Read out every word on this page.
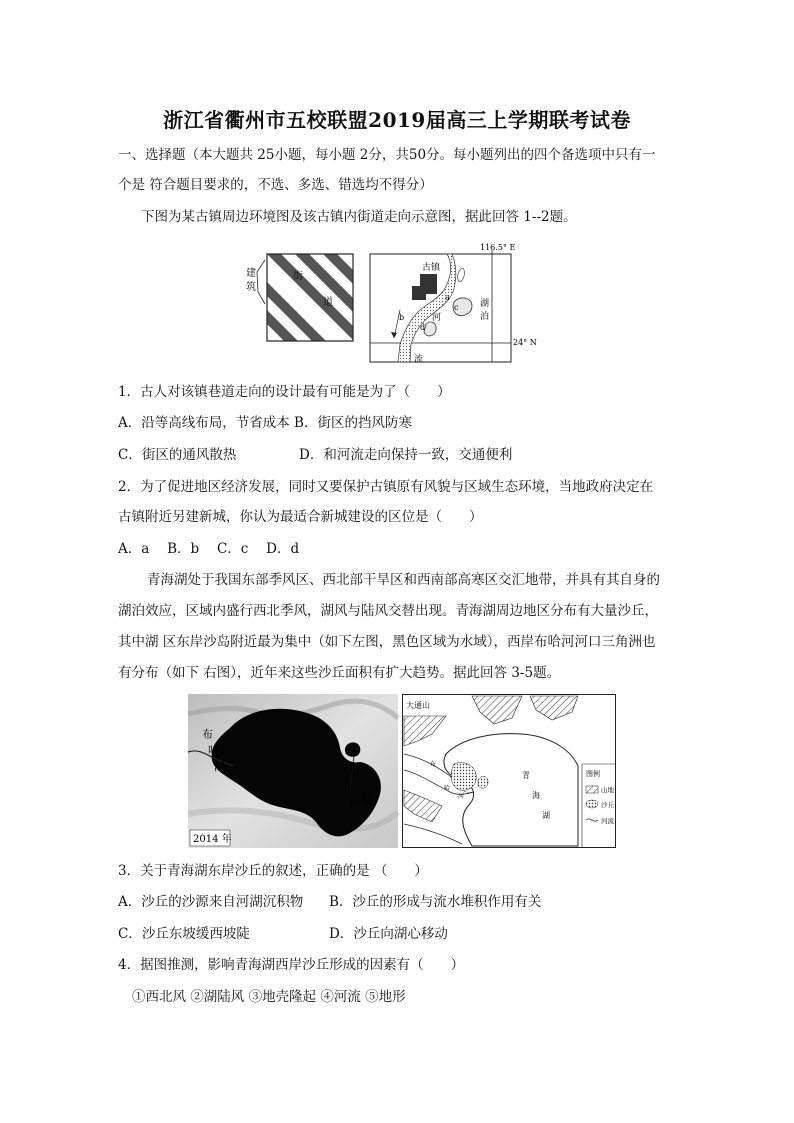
浙江省衢州市五校联盟2019届高三上学期联考试卷
一、选择题（本大题共 25小题，每小题 2分，共50分。每小题列出的四个备选项中只有一
个是 符合题目要求的，不选、多选、错选均不得分）
下图为某古镇周边环境图及该古镇内街道走向示意图，据此回答 1--2题。
建筑
街
道
116.5° E
24° N
古镇
湖
泊
河
流
a
b
c
d
1．古人对该镇巷道走向的设计最有可能是为了（　　）
A．沿等高线布局，节省成本 B．街区的挡风防寒
C．街区的通风散热	D．和河流走向保持一致，交通便利
2．为了促进地区经济发展，同时又要保护古镇原有风貌与区域生态环境，当地政府决定在
古镇附近另建新城，你认为最适合新城建设的区位是（　　）
A．a　 B．b　 C．c　 D．d
青海湖处于我国东部季风区、西北部干旱区和西南部高寒区交汇地带，并具有其自身的
湖泊效应，区域内盛行西北季风，湖风与陆风交替出现。青海湖周边地区分布有大量沙丘，
其中湖 区东岸沙岛附近最为集中（如下左图，黑色区域为水域），西岸布哈河河口三角洲也
有分布（如下 右图），近年来这些沙丘面积有扩大趋势。据此回答 3-5题。
布
哈
河
沙岛
2014 年
大通山
布
哈
河
青
海
湖
图例
山地
沙丘
河流
3．关于青海湖东岸沙丘的叙述，正确的是 （　　）
A．沙丘的沙源来自河湖沉积物 B．沙丘的形成与流水堆积作用有关
C．沙丘东坡缓西坡陡	D．沙丘向湖心移动
4．据图推测，影响青海湖西岸沙丘形成的因素有（　　）
①西北风 ②湖陆风 ③地壳隆起 ④河流 ⑤地形
